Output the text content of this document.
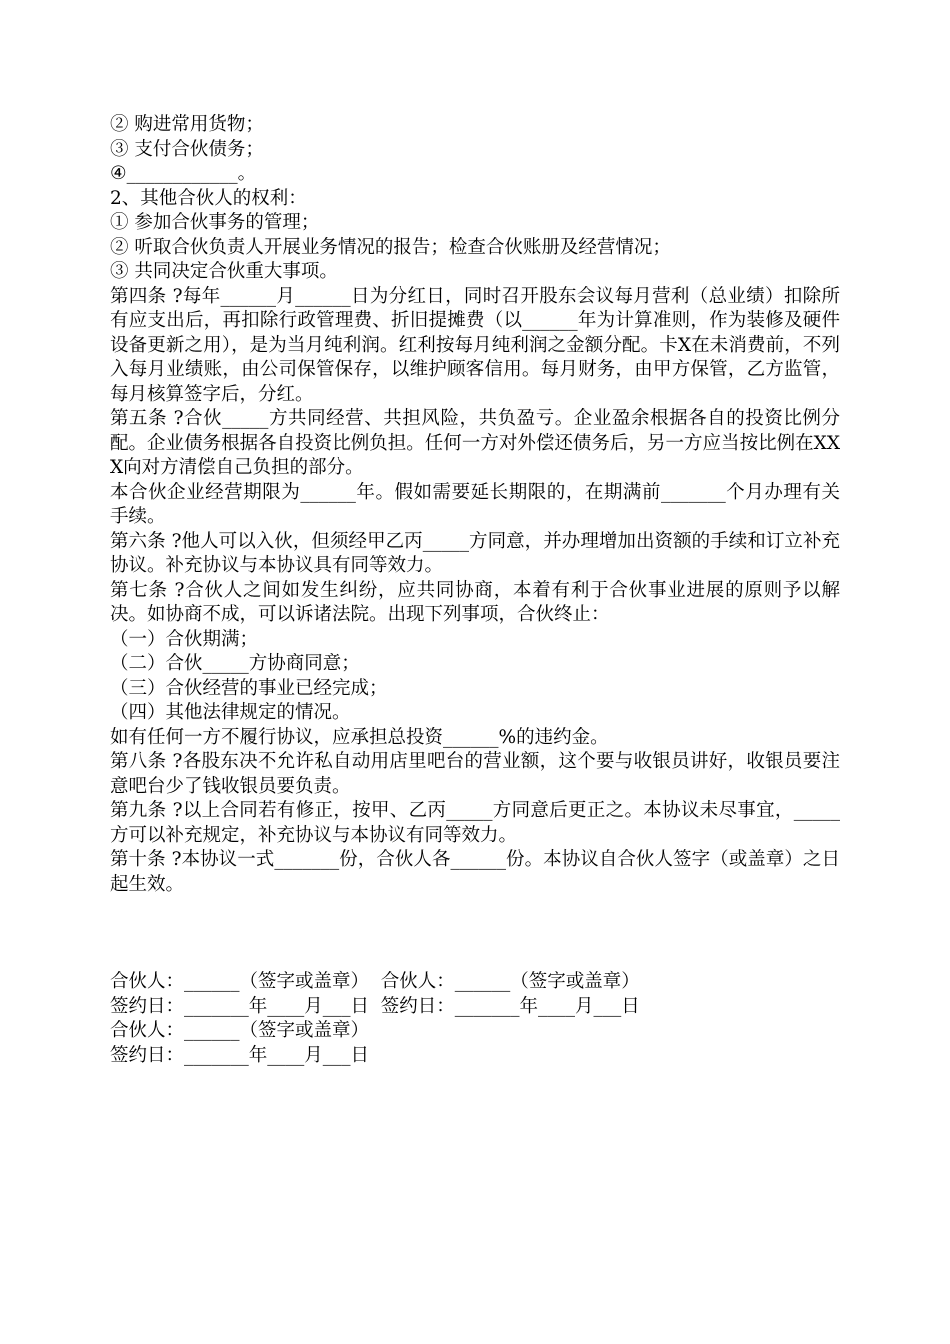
② 购进常用货物；
③ 支付合伙债务；
④____________。
2、其他合伙人的权利：
① 参加合伙事务的管理；
② 听取合伙负责人开展业务情况的报告；检查合伙账册及经营情况；
③ 共同决定合伙重大事项。
第四条 ?每年______月______日为分红日，同时召开股东会议每月营利（总业绩）扣除所有应支出后，再扣除行政管理费、折旧提摊费（以______年为计算准则，作为装修及硬件设备更新之用），是为当月纯利润。红利按每月纯利润之金额分配。卡X在未消费前，不列入每月业绩账，由公司保管保存，以维护顾客信用。每月财务，由甲方保管，乙方监管，每月核算签字后，分红。
第五条 ?合伙_____方共同经营、共担风险，共负盈亏。企业盈余根据各自的投资比例分配。企业债务根据各自投资比例负担。任何一方对外偿还债务后，另一方应当按比例在XXX向对方清偿自己负担的部分。
本合伙企业经营期限为______年。假如需要延长期限的，在期满前_______个月办理有关手续。
第六条 ?他人可以入伙，但须经甲乙丙_____方同意，并办理增加出资额的手续和订立补充协议。补充协议与本协议具有同等效力。
第七条 ?合伙人之间如发生纠纷，应共同协商，本着有利于合伙事业进展的原则予以解决。如协商不成，可以诉诸法院。出现下列事项，合伙终止：
（一）合伙期满；
（二）合伙_____方协商同意；
（三）合伙经营的事业已经完成；
（四）其他法律规定的情况。
如有任何一方不履行协议，应承担总投资______%的违约金。
第八条 ?各股东决不允许私自动用店里吧台的营业额，这个要与收银员讲好，收银员要注意吧台少了钱收银员要负责。
第九条 ?以上合同若有修正，按甲、乙丙_____方同意后更正之。本协议未尽事宜，_____方可以补充规定，补充协议与本协议有同等效力。
第十条 ?本协议一式_______份，合伙人各______份。本协议自合伙人签字（或盖章）之日起生效。
合伙人：______（签字或盖章）  合伙人：______（签字或盖章）
签约日：_______年____月___日  签约日：_______年____月___日
合伙人：______（签字或盖章）
签约日：_______年____月___日
